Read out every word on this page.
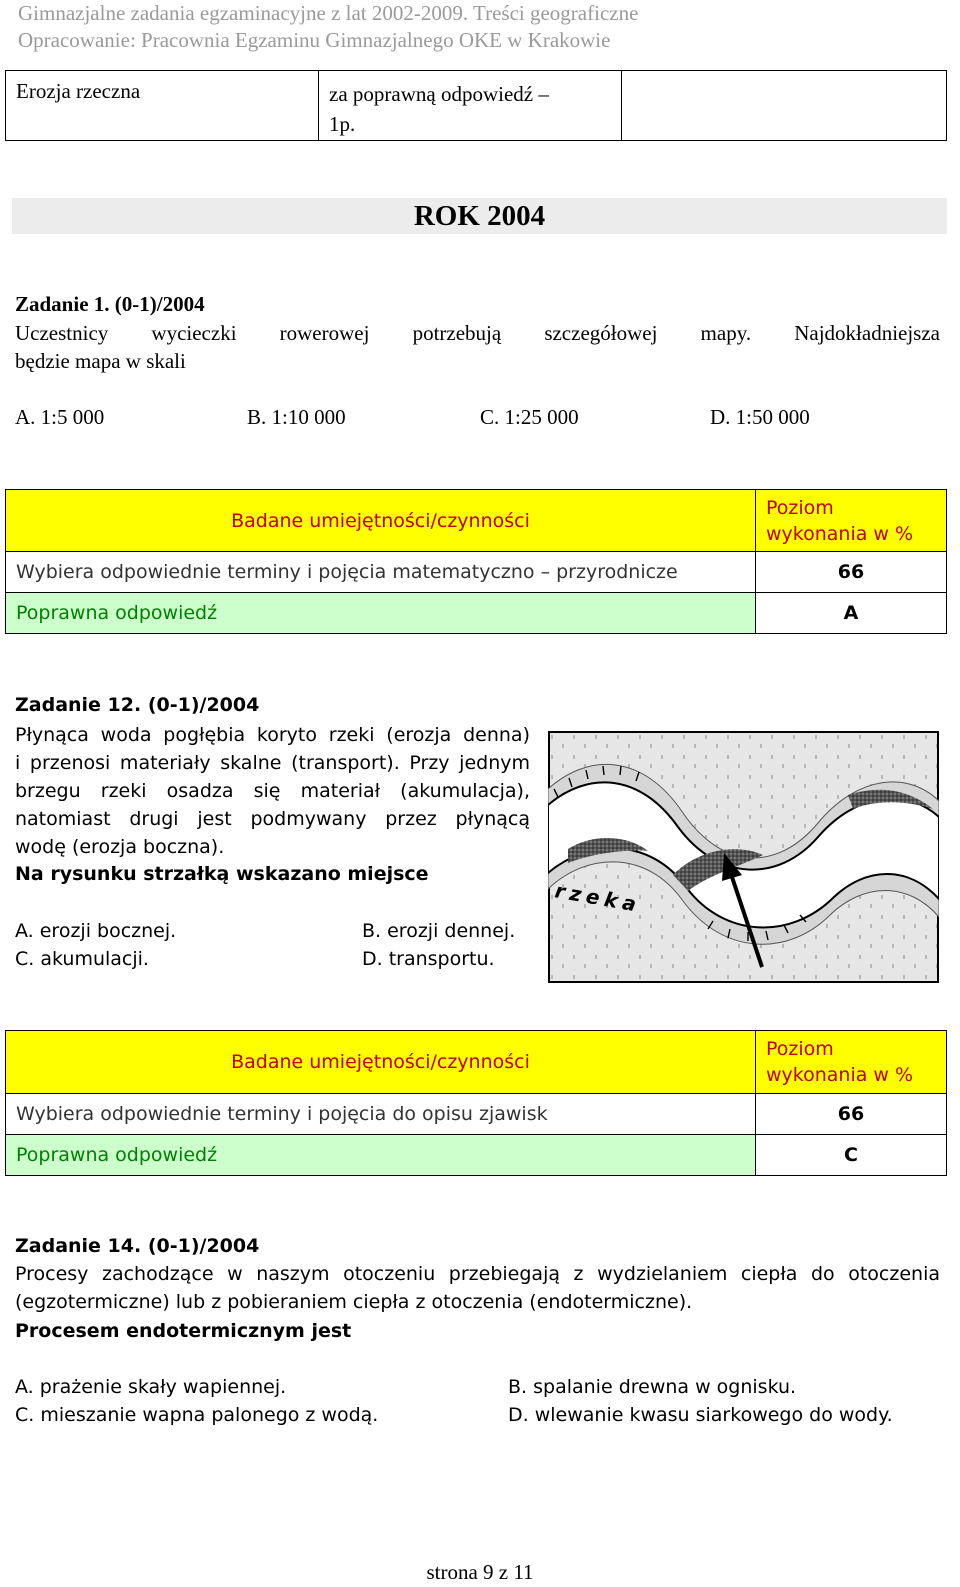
Gimnazjalne zadania egzaminacyjne z lat 2002-2009. Treści geograficzne
Opracowanie: Pracownia Egzaminu Gimnazjalnego OKE w Krakowie
Erozja rzeczna	za poprawną odpowiedź –
1p.

ROK 2004
Zadanie 1. (0-1)/2004
Uczestnicy wycieczki rowerowej potrzebują szczegółowej mapy. Najdokładniejsza
będzie mapa w skali
A. 1:5 000	B. 1:10 000	C. 1:25 000	D. 1:50 000
Badane umiejętności/czynności	Poziom
wykonania w %

Wybiera odpowiednie terminy i pojęcia matematyczno – przyrodnicze	66
Poprawna odpowiedź	A
Zadanie 12. (0-1)/2004
Płynąca woda pogłębia koryto rzeki (erozja denna)
i przenosi materiały skalne (transport). Przy jednym
brzegu rzeki osadza się materiał (akumulacja),
natomiast drugi jest podmywany przez płynącą
wodę (erozja boczna).
Na rysunku strzałką wskazano miejsce
A. erozji bocznej.	B. erozji dennej.
C. akumulacji.	D. transportu.
rzeka
Badane umiejętności/czynności	Poziom
wykonania w %

Wybiera odpowiednie terminy i pojęcia do opisu zjawisk	66
Poprawna odpowiedź	C
Zadanie 14. (0-1)/2004
Procesy zachodzące w naszym otoczeniu przebiegają z wydzielaniem ciepła do otoczenia
(egzotermiczne) lub z pobieraniem ciepła z otoczenia (endotermiczne).
Procesem endotermicznym jest
A. prażenie skały wapiennej.	B. spalanie drewna w ognisku.
C. mieszanie wapna palonego z wodą.	D. wlewanie kwasu siarkowego do wody.
strona 9 z 11
